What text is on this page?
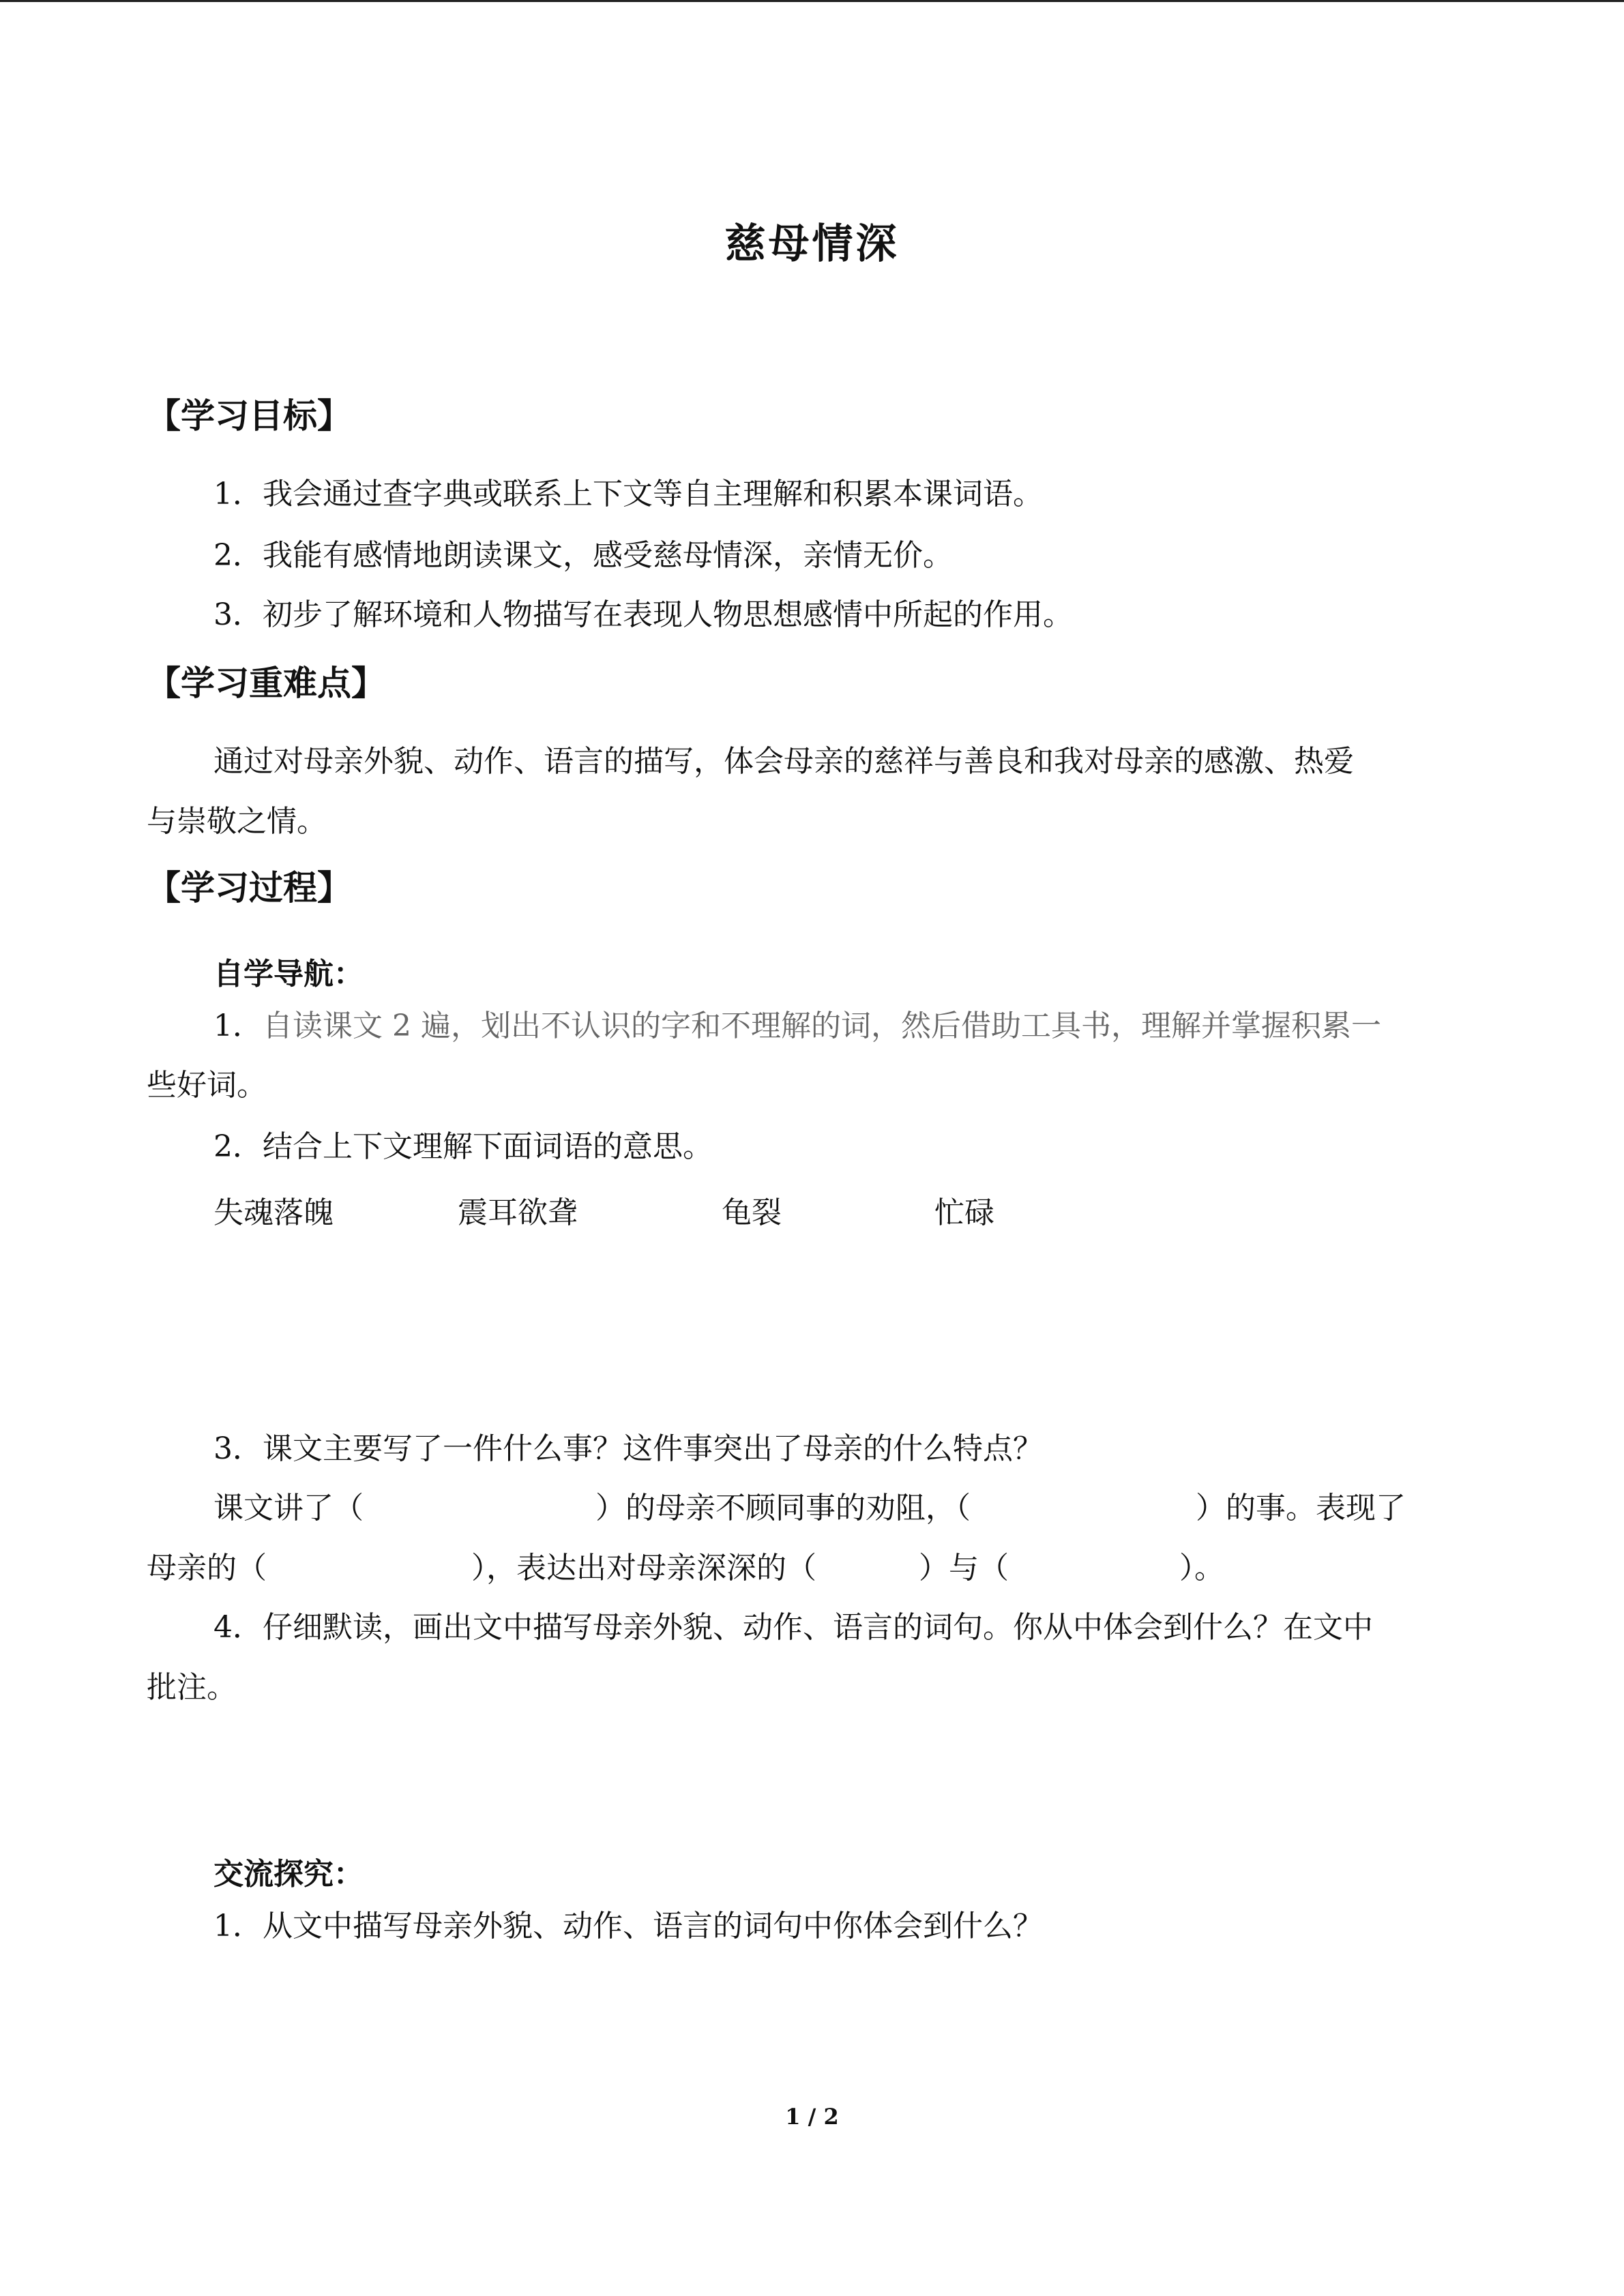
慈母情深
【学习目标】
1．我会通过查字典或联系上下文等自主理解和积累本课词语。
2．我能有感情地朗读课文，感受慈母情深，亲情无价。
3．初步了解环境和人物描写在表现人物思想感情中所起的作用。
【学习重难点】
通过对母亲外貌、动作、语言的描写，体会母亲的慈祥与善良和我对母亲的感激、热爱
与崇敬之情。
【学习过程】
自学导航：
1．自读课文 2 遍，划出不认识的字和不理解的词，然后借助工具书，理解并掌握积累一
些好词。
2．结合上下文理解下面词语的意思。
失魂落魄	震耳欲聋	龟裂	忙碌
3．课文主要写了一件什么事？这件事突出了母亲的什么特点？
课文讲了（	）的母亲不顾同事的劝阻，（	）的事。表现了
母亲的（	），表达出对母亲深深的（	）与（	）。
4．仔细默读，画出文中描写母亲外貌、动作、语言的词句。你从中体会到什么？在文中
批注。
交流探究：
1．从文中描写母亲外貌、动作、语言的词句中你体会到什么？
1 / 2
